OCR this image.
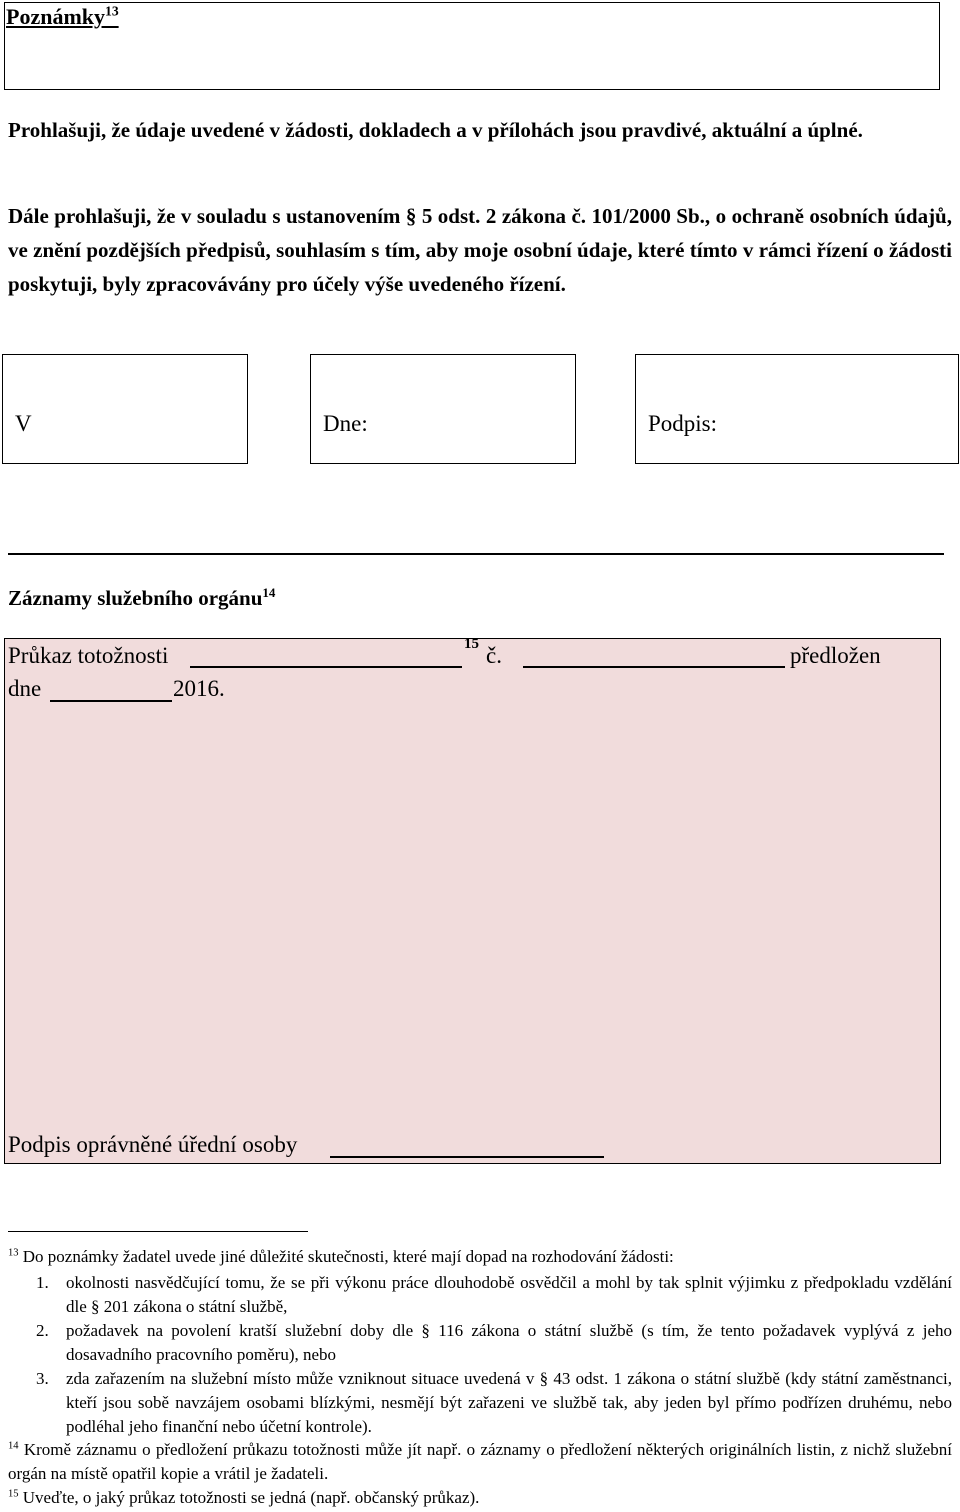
Poznámky$^{13}$
Prohlašuji, že údaje uvedené v žádosti, dokladech a v přílohách jsou pravdivé, aktuální a úplné.
Dále prohlašuji, že v souladu s ustanovením § 5 odst. 2 zákona č. 101/2000 Sb., o ochraně osobních údajů, ve znění pozdějších předpisů, souhlasím s tím, aby moje osobní údaje, které tímto v rámci řízení o žádosti poskytuji, byly zpracovávány pro účely výše uvedeného řízení.
V	Dne:	Podpis:
Záznamy služebního orgánu$^{14}$
Průkaz totožnosti	15 č.	předložen
dne	2016.
Podpis oprávněné úřední osoby
$^{13}$ Do poznámky žadatel uvede jiné důležité skutečnosti, které mají dopad na rozhodování žádosti:
1. okolnosti nasvědčující tomu, že se při výkonu práce dlouhodobě osvědčil a mohl by tak splnit výjimku z předpokladu vzdělání dle § 201 zákona o státní službě,
2. požadavek na povolení kratší služební doby dle § 116 zákona o státní službě (s tím, že tento požadavek vyplývá z jeho dosavadního pracovního poměru), nebo
3. zda zařazením na služební místo může vzniknout situace uvedená v § 43 odst. 1 zákona o státní službě (kdy státní zaměstnanci, kteří jsou sobě navzájem osobami blízkými, nesmějí být zařazeni ve službě tak, aby jeden byl přímo podřízen druhému, nebo podléhal jeho finanční nebo účetní kontrole).
$^{14}$ Kromě záznamu o předložení průkazu totožnosti může jít např. o záznamy o předložení některých originálních listin, z nichž služební orgán na místě opatřil kopie a vrátil je žadateli.
$^{15}$ Uveďte, o jaký průkaz totožnosti se jedná (např. občanský průkaz).
